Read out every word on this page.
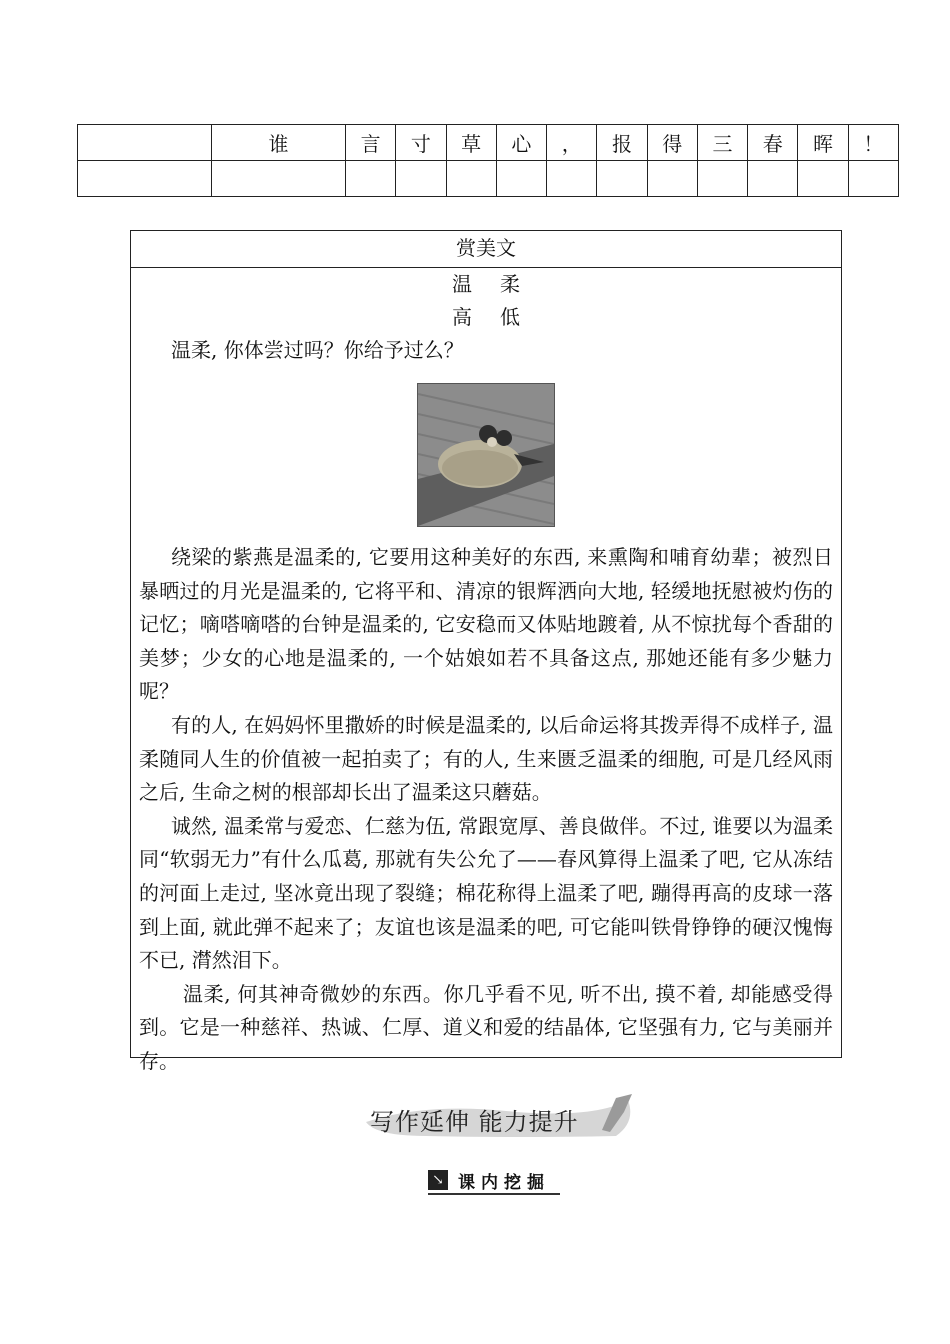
	谁	言	寸	草	心	，	报	得	三	春	晖	！

赏美文
温柔
高低
温柔, 你体尝过吗？你给予过么？

绕梁的紫燕是温柔的, 它要用这种美好的东西, 来熏陶和哺育幼辈；被烈日暴晒过的月光是温柔的, 它将平和、清凉的银辉洒向大地, 轻缓地抚慰被灼伤的记忆；嘀嗒嘀嗒的台钟是温柔的, 它安稳而又体贴地踱着, 从不惊扰每个香甜的美梦；少女的心地是温柔的, 一个姑娘如若不具备这点, 那她还能有多少魅力呢？

有的人, 在妈妈怀里撒娇的时候是温柔的, 以后命运将其拨弄得不成样子, 温柔随同人生的价值被一起拍卖了；有的人, 生来匮乏温柔的细胞, 可是几经风雨之后, 生命之树的根部却长出了温柔这只蘑菇。

诚然, 温柔常与爱恋、仁慈为伍, 常跟宽厚、善良做伴。不过, 谁要以为温柔同“软弱无力”有什么瓜葛, 那就有失公允了——春风算得上温柔了吧, 它从冻结的河面上走过, 坚冰竟出现了裂缝；棉花称得上温柔了吧, 蹦得再高的皮球一落到上面, 就此弹不起来了；友谊也该是温柔的吧, 可它能叫铁骨铮铮的硬汉愧悔不已, 潸然泪下。

温柔, 何其神奇微妙的东西。你几乎看不见, 听不出, 摸不着, 却能感受得到。它是一种慈祥、热诚、仁厚、道义和爱的结晶体, 它坚强有力, 它与美丽并存。

写作延伸 能力提升
↘ 课内挖掘
